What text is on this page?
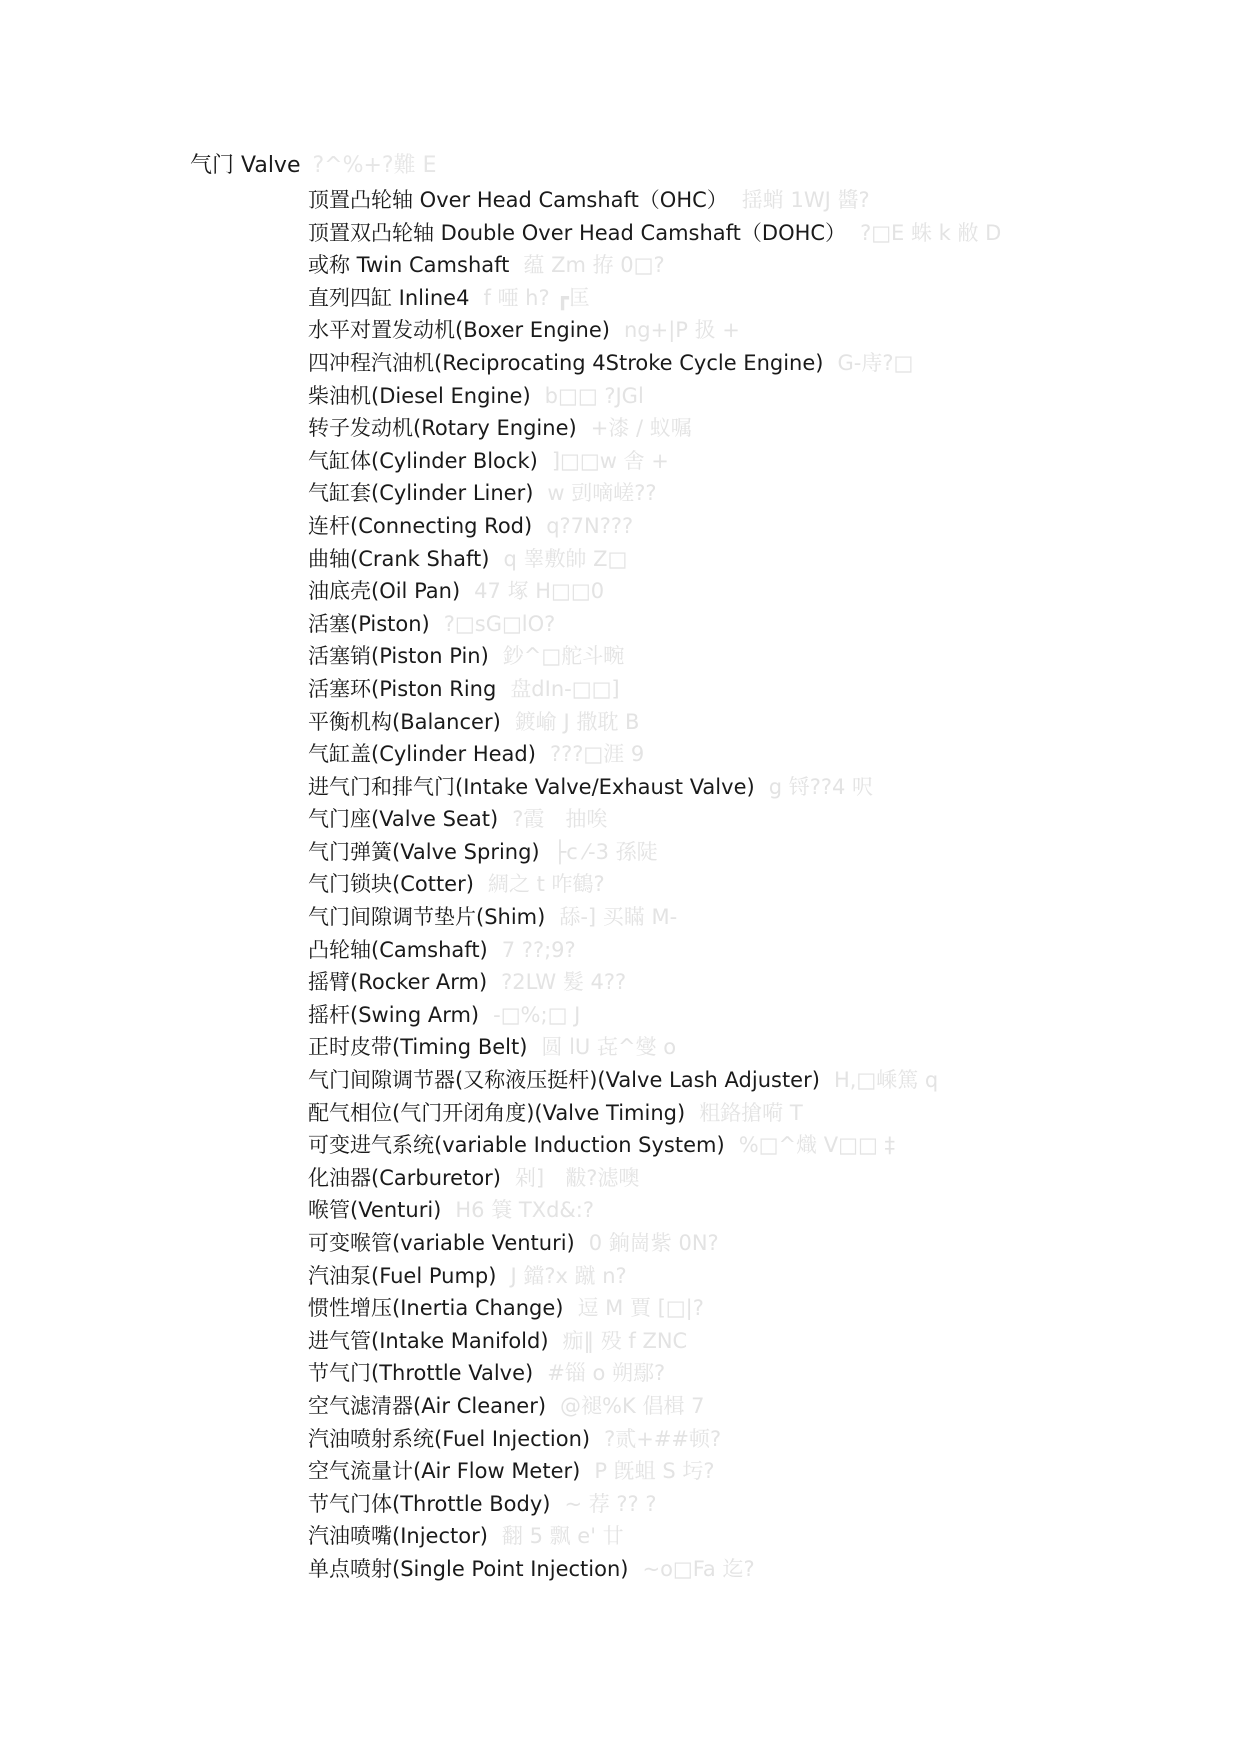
气门 Valve ?^%+?難 E
顶置凸轮轴 Over Head Camshaft（OHC） 揺蛸 1WJ 醬?
顶置双凸轮轴 Double Over Head Camshaft（DOHC） ?□E 蛛 k 敝 D
或称 Twin Camshaft 蕴 Zm 拵 0□?
直列四缸 Inline4 f 唖 h? ┏匡
水平对置发动机(Boxer Engine) ng+|P 扱 +
四冲程汽油机(Reciprocating 4Stroke Cycle Engine) G-庤?□
柴油机(Diesel Engine) b□□ ?JGl
转子发动机(Rotary Engine) +漆 / 蚁嘱
气缸体(Cylinder Block) ]□□w 舎 +
气缸套(Cylinder Liner) w 剅嘀嵯??
连杆(Connecting Rod) q?7N???
曲轴(Crank Shaft) q 睾敷帥 Z□
油底壳(Oil Pan) 47 塚 H□□0
活塞(Piston) ?□sG□lO?
活塞销(Piston Pin) 鈔^□舵斗畹
活塞环(Piston Ring 盘dIn-□□]
平衡机构(Balancer) 鍍崳 J 撒耽 B
气缸盖(Cylinder Head) ???□涯 9
进气门和排气门(Intake Valve/Exhaust Valve) g 锊??4 呎
气门座(Valve Seat) ?霞　抽唉
气门弹簧(Valve Spring) ├c ⁄-3 孫陡
气门锁块(Cotter) 綢之 t 咋鶴?
气门间隙调节垫片(Shim) 舔-] 买瞞 M-
凸轮轴(Camshaft) 7 ??;9?
摇臂(Rocker Arm) ?2LW 髮 4??
摇杆(Swing Arm) -□%;□ J
正时皮带(Timing Belt) 圆 lU 㐂^燮 o
气门间隙调节器(又称液压挺杆)(Valve Lash Adjuster) H,□嵊篤 q
配气相位(气门开闭角度)(Valve Timing) 粗鉻搶嗬 T
可变进气系统(variable Induction System) %□^熾 V□□ ‡
化油器(Carburetor) 剁]　黻?滤噢
喉管(Venturi) H6 簑 TXd&:?
可变喉管(variable Venturi) 0 銄崗紫 0N?
汽油泵(Fuel Pump) J 鐺?x 蹴 n?
惯性增压(Inertia Change) 逗 M 賈 [□|?
进气管(Intake Manifold) 痂‖ 殁 f ZNC
节气门(Throttle Valve) #锱 o 朔鄢?
空气滤清器(Air Cleaner) @褪%K 倡楫 7
汽油喷射系统(Fuel Injection) ?贰+##顿?
空气流量计(Air Flow Meter) P 旣蛆 S 圬?
节气门体(Throttle Body) ~ 荐 ?? ?
汽油喷嘴(Injector) 翻 5 飘 e' 廿
单点喷射(Single Point Injection) ~o□Fa 迄?
